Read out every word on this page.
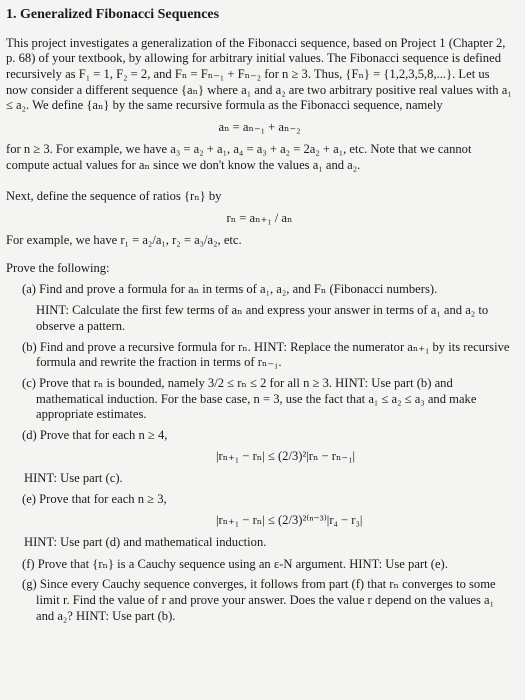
1. Generalized Fibonacci Sequences

This project investigates a generalization of the Fibonacci sequence, based on Project 1 (Chapter 2, p. 68) of your textbook, by allowing for arbitrary initial values. The Fibonacci sequence is defined recursively as F₁ = 1, F₂ = 2, and Fₙ = Fₙ₋₁ + Fₙ₋₂ for n ≥ 3. Thus, {Fₙ} = {1,2,3,5,8,...}. Let us now consider a different sequence {aₙ} where a₁ and a₂ are two arbitrary positive real values with a₁ ≤ a₂. We define {aₙ} by the same recursive formula as the Fibonacci sequence, namely

aₙ = aₙ₋₁ + aₙ₋₂

for n ≥ 3. For example, we have a₃ = a₂ + a₁, a₄ = a₃ + a₂ = 2a₂ + a₁, etc. Note that we cannot compute actual values for aₙ since we don't know the values a₁ and a₂.

Next, define the sequence of ratios {rₙ} by

rₙ = aₙ₊₁ / aₙ

For example, we have r₁ = a₂/a₁, r₂ = a₃/a₂, etc.

Prove the following:

(a) Find and prove a formula for aₙ in terms of a₁, a₂, and Fₙ (Fibonacci numbers).

HINT: Calculate the first few terms of aₙ and express your answer in terms of a₁ and a₂ to observe a pattern.

(b) Find and prove a recursive formula for rₙ. HINT: Replace the numerator aₙ₊₁ by its recursive formula and rewrite the fraction in terms of rₙ₋₁.

(c) Prove that rₙ is bounded, namely 3/2 ≤ rₙ ≤ 2 for all n ≥ 3. HINT: Use part (b) and mathematical induction. For the base case, n = 3, use the fact that a₁ ≤ a₂ ≤ a₃ and make appropriate estimates.

(d) Prove that for each n ≥ 4,

|rₙ₊₁ − rₙ| ≤ (2/3)²|rₙ − rₙ₋₁|

HINT: Use part (c).

(e) Prove that for each n ≥ 3,

|rₙ₊₁ − rₙ| ≤ (2/3)²⁽ⁿ⁻³⁾|r₄ − r₃|

HINT: Use part (d) and mathematical induction.

(f) Prove that {rₙ} is a Cauchy sequence using an ε-N argument. HINT: Use part (e).

(g) Since every Cauchy sequence converges, it follows from part (f) that rₙ converges to some limit r. Find the value of r and prove your answer. Does the value r depend on the values a₁ and a₂? HINT: Use part (b).
